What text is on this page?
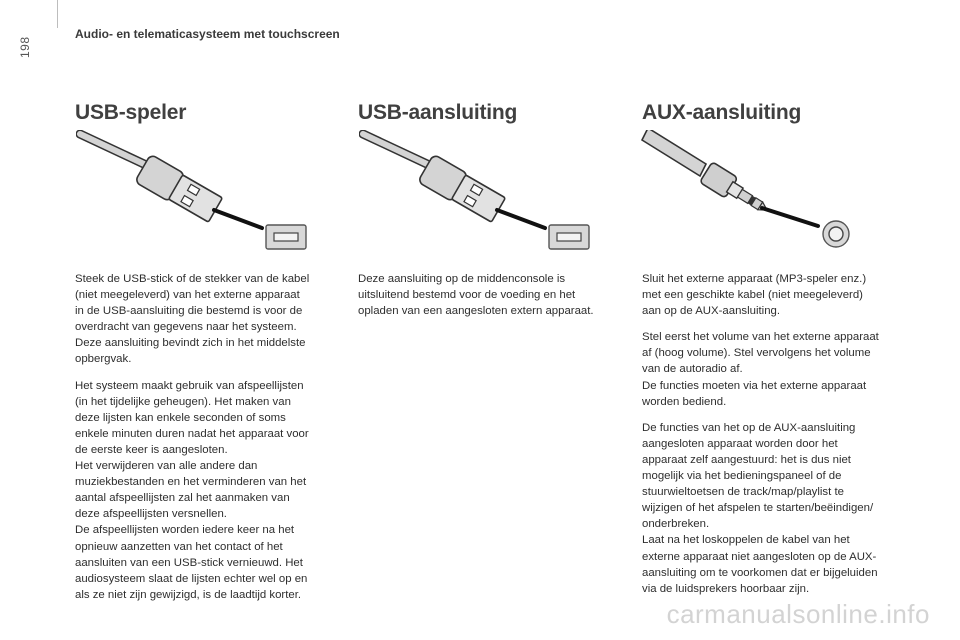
198
Audio- en telematicasysteem met touchscreen
USB-speler

Steek de USB-stick of de stekker van de kabel
(niet meegeleverd) van het externe apparaat
in de USB-aansluiting die bestemd is voor de
overdracht van gegevens naar het systeem.
Deze aansluiting bevindt zich in het middelste
opbergvak.

Het systeem maakt gebruik van afspeellijsten
(in het tijdelijke geheugen). Het maken van
deze lijsten kan enkele seconden of soms
enkele minuten duren nadat het apparaat voor
de eerste keer is aangesloten.
Het verwijderen van alle andere dan
muziekbestanden en het verminderen van het
aantal afspeellijsten zal het aanmaken van
deze afspeellijsten versnellen.
De afspeellijsten worden iedere keer na het
opnieuw aanzetten van het contact of het
aansluiten van een USB-stick vernieuwd. Het
audiosysteem slaat de lijsten echter wel op en
als ze niet zijn gewijzigd, is de laadtijd korter.

USB-aansluiting

Deze aansluiting op de middenconsole is
uitsluitend bestemd voor de voeding en het
opladen van een aangesloten extern apparaat.

AUX-aansluiting

Sluit het externe apparaat (MP3-speler enz.)
met een geschikte kabel (niet meegeleverd)
aan op de AUX-aansluiting.

Stel eerst het volume van het externe apparaat
af (hoog volume). Stel vervolgens het volume
van de autoradio af.
De functies moeten via het externe apparaat
worden bediend.

De functies van het op de AUX-aansluiting
aangesloten apparaat worden door het
apparaat zelf aangestuurd: het is dus niet
mogelijk via het bedieningspaneel of de
stuurwieltoetsen de track/map/playlist te
wijzigen of het afspelen te starten/beëindigen/
onderbreken.
Laat na het loskoppelen de kabel van het
externe apparaat niet aangesloten op de AUX-
aansluiting om te voorkomen dat er bijgeluiden
via de luidsprekers hoorbaar zijn.

carmanualsonline.info
